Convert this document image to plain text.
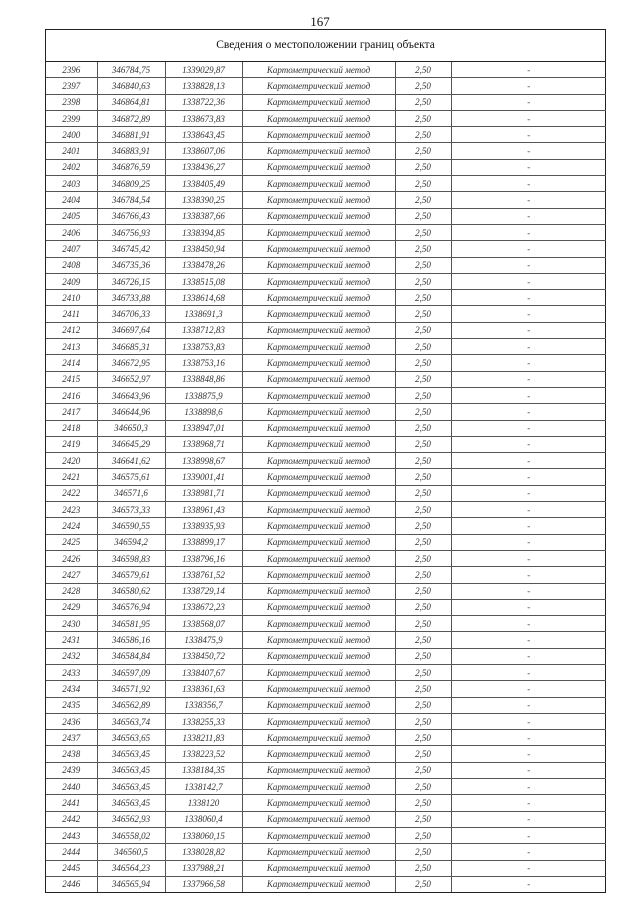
167
Сведения о местоположении границ объекта
2396	346784,75	1339029,87	Картометрический метод	2,50	-
2397	346840,63	1338828,13	Картометрический метод	2,50	-
2398	346864,81	1338722,36	Картометрический метод	2,50	-
2399	346872,89	1338673,83	Картометрический метод	2,50	-
2400	346881,91	1338643,45	Картометрический метод	2,50	-
2401	346883,91	1338607,06	Картометрический метод	2,50	-
2402	346876,59	1338436,27	Картометрический метод	2,50	-
2403	346809,25	1338405,49	Картометрический метод	2,50	-
2404	346784,54	1338390,25	Картометрический метод	2,50	-
2405	346766,43	1338387,66	Картометрический метод	2,50	-
2406	346756,93	1338394,85	Картометрический метод	2,50	-
2407	346745,42	1338450,94	Картометрический метод	2,50	-
2408	346735,36	1338478,26	Картометрический метод	2,50	-
2409	346726,15	1338515,08	Картометрический метод	2,50	-
2410	346733,88	1338614,68	Картометрический метод	2,50	-
2411	346706,33	1338691,3	Картометрический метод	2,50	-
2412	346697,64	1338712,83	Картометрический метод	2,50	-
2413	346685,31	1338753,83	Картометрический метод	2,50	-
2414	346672,95	1338753,16	Картометрический метод	2,50	-
2415	346652,97	1338848,86	Картометрический метод	2,50	-
2416	346643,96	1338875,9	Картометрический метод	2,50	-
2417	346644,96	1338898,6	Картометрический метод	2,50	-
2418	346650,3	1338947,01	Картометрический метод	2,50	-
2419	346645,29	1338968,71	Картометрический метод	2,50	-
2420	346641,62	1338998,67	Картометрический метод	2,50	-
2421	346575,61	1339001,41	Картометрический метод	2,50	-
2422	346571,6	1338981,71	Картометрический метод	2,50	-
2423	346573,33	1338961,43	Картометрический метод	2,50	-
2424	346590,55	1338935,93	Картометрический метод	2,50	-
2425	346594,2	1338899,17	Картометрический метод	2,50	-
2426	346598,83	1338796,16	Картометрический метод	2,50	-
2427	346579,61	1338761,52	Картометрический метод	2,50	-
2428	346580,62	1338729,14	Картометрический метод	2,50	-
2429	346576,94	1338672,23	Картометрический метод	2,50	-
2430	346581,95	1338568,07	Картометрический метод	2,50	-
2431	346586,16	1338475,9	Картометрический метод	2,50	-
2432	346584,84	1338450,72	Картометрический метод	2,50	-
2433	346597,09	1338407,67	Картометрический метод	2,50	-
2434	346571,92	1338361,63	Картометрический метод	2,50	-
2435	346562,89	1338356,7	Картометрический метод	2,50	-
2436	346563,74	1338255,33	Картометрический метод	2,50	-
2437	346563,65	1338211,83	Картометрический метод	2,50	-
2438	346563,45	1338223,52	Картометрический метод	2,50	-
2439	346563,45	1338184,35	Картометрический метод	2,50	-
2440	346563,45	1338142,7	Картометрический метод	2,50	-
2441	346563,45	1338120	Картометрический метод	2,50	-
2442	346562,93	1338060,4	Картометрический метод	2,50	-
2443	346558,02	1338060,15	Картометрический метод	2,50	-
2444	346560,5	1338028,82	Картометрический метод	2,50	-
2445	346564,23	1337988,21	Картометрический метод	2,50	-
2446	346565,94	1337966,58	Картометрический метод	2,50	-
